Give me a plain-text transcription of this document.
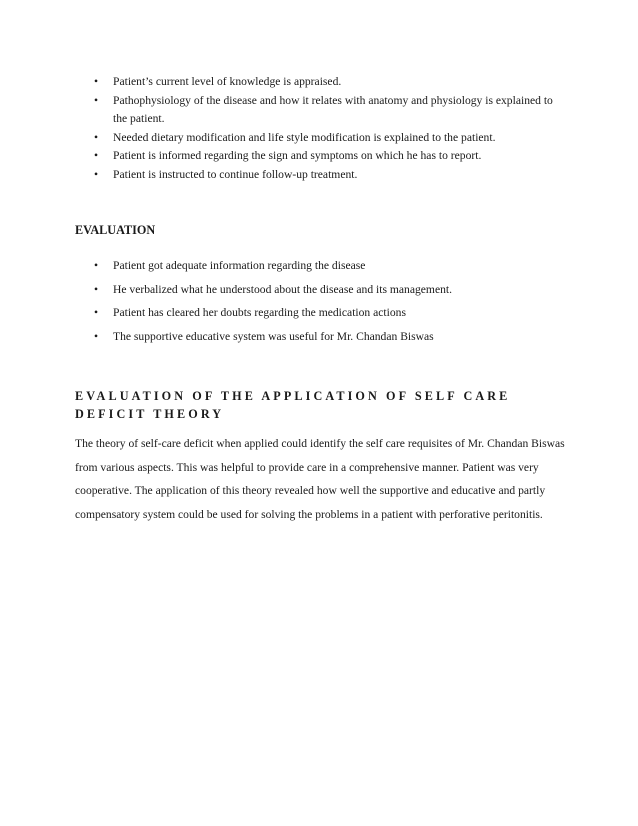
• Patient’s current level of knowledge is appraised.
• Pathophysiology of the disease and how it relates with anatomy and physiology is explained to the patient.
• Needed dietary modification and life style modification is explained to the patient.
• Patient is informed regarding the sign and symptoms on which he has to report.
• Patient is instructed to continue follow-up treatment.
EVALUATION
• Patient got adequate information regarding the disease
• He verbalized what he understood about the disease and its management.
• Patient has cleared her doubts regarding the medication actions
• The supportive educative system was useful for Mr. Chandan Biswas
EVALUATION OF THE APPLICATION OF SELF CARE DEFICIT THEORY

The theory of self-care deficit when applied could identify the self care requisites of Mr. Chandan Biswas from various aspects. This was helpful to provide care in a comprehensive manner. Patient was very cooperative. The application of this theory revealed how well the supportive and educative and partly compensatory system could be used for solving the problems in a patient with perforative peritonitis.
